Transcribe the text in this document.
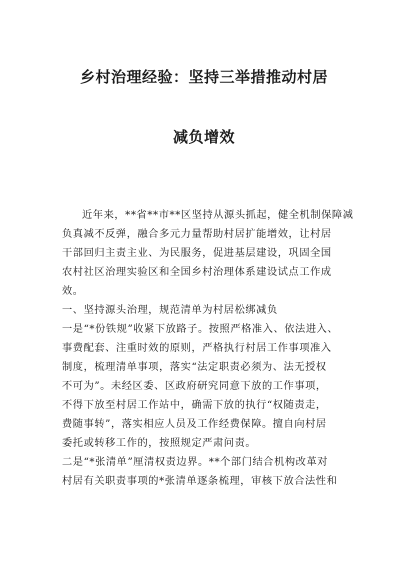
乡村治理经验：坚持三举措推动村居
减负增效

近年来，**省**市**区坚持从源头抓起，健全机制保障减

负真减不反弹，融合多元力量帮助村居扩能增效，让村居

干部回归主责主业、为民服务，促进基层建设，巩固全国

农村社区治理实验区和全国乡村治理体系建设试点工作成

效。

一、坚持源头治理，规范清单为村居松绑减负

一是“*份铁规”收紧下放路子。按照严格准入、依法进入、

事费配套、注重时效的原则，严格执行村居工作事项准入

制度，梳理清单事项，落实“法定职责必须为、法无授权

不可为”。未经区委、区政府研究同意下放的工作事项，

不得下放至村居工作站中，确需下放的执行“权随责走，

费随事转”，落实相应人员及工作经费保障。擅自向村居

委托或转移工作的，按照规定严肃问责。

二是“*张清单”厘清权责边界。**个部门结合机构改革对

村居有关职责事项的*张清单逐条梳理，审核下放合法性和
